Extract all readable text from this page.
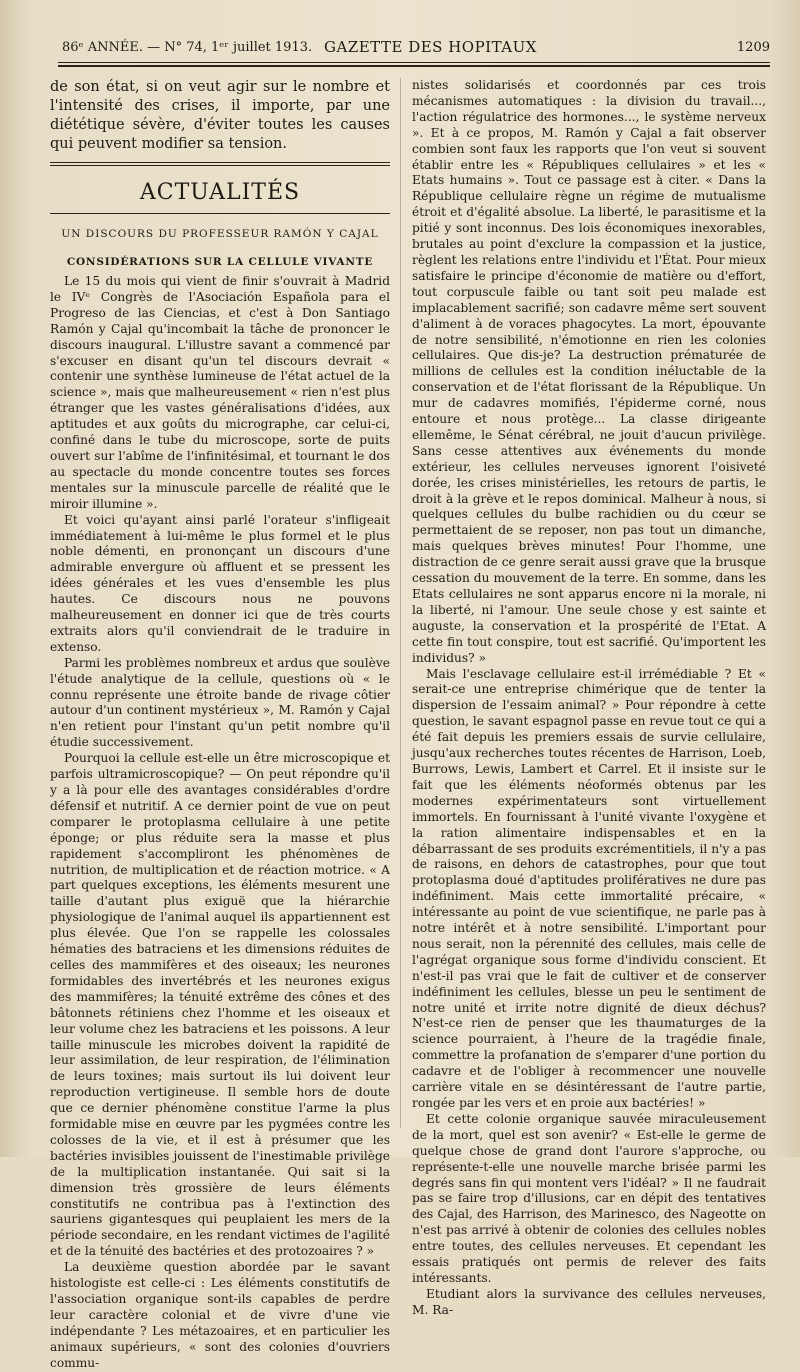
86ᵉ ANNÉE. — N° 74, 1ᵉʳ juillet 1913. GAZETTE DES HOPITAUX	1209

de son état, si on veut agir sur le nombre et l'intensité des crises, il importe, par une diététique sévère, d'éviter toutes les causes qui peuvent modifier sa tension.

ACTUALITÉS
UN DISCOURS DU PROFESSEUR RAMÓN Y CAJAL
CONSIDÉRATIONS SUR LA CELLULE VIVANTE

Le 15 du mois qui vient de finir s'ouvrait à Madrid le IVᵉ Congrès de l'Asociación Española para el Progreso de las Ciencias, et c'est à Don Santiago Ramón y Cajal qu'incombait la tâche de prononcer le discours inaugural. L'illustre savant a commencé par s'excuser en disant qu'un tel discours devrait « contenir une synthèse lumineuse de l'état actuel de la science », mais que malheureusement « rien n'est plus étranger que les vastes généralisations d'idées, aux aptitudes et aux goûts du micrographe, car celui-ci, confiné dans le tube du microscope, sorte de puits ouvert sur l'abîme de l'infinitésimal, et tournant le dos au spectacle du monde concentre toutes ses forces mentales sur la minuscule parcelle de réalité que le miroir illumine ».

Et voici qu'ayant ainsi parlé l'orateur s'infligeait immédiatement à lui-même le plus formel et le plus noble démenti, en prononçant un discours d'une admirable envergure où affluent et se pressent les idées générales et les vues d'ensemble les plus hautes. Ce discours nous ne pouvons malheureusement en donner ici que de très courts extraits alors qu'il conviendrait de le traduire in extenso.

Parmi les problèmes nombreux et ardus que soulève l'étude analytique de la cellule, questions où « le connu représente une étroite bande de rivage côtier autour d'un continent mystérieux », M. Ramón y Cajal n'en retient pour l'instant qu'un petit nombre qu'il étudie successivement.

Pourquoi la cellule est-elle un être microscopique et parfois ultramicroscopique? — On peut répondre qu'il y a là pour elle des avantages considérables d'ordre défensif et nutritif. A ce dernier point de vue on peut comparer le protoplasma cellulaire à une petite éponge; or plus réduite sera la masse et plus rapidement s'accompliront les phénomènes de nutrition, de multiplication et de réaction motrice. « A part quelques exceptions, les éléments mesurent une taille d'autant plus exiguë que la hiérarchie physiologique de l'animal auquel ils appartiennent est plus élevée. Que l'on se rappelle les colossales hématies des batraciens et les dimensions réduites de celles des mammifères et des oiseaux; les neurones formidables des invertébrés et les neurones exigus des mammifères; la ténuité extrême des cônes et des bâtonnets rétiniens chez l'homme et les oiseaux et leur volume chez les batraciens et les poissons. A leur taille minuscule les microbes doivent la rapidité de leur assimilation, de leur respiration, de l'élimination de leurs toxines; mais surtout ils lui doivent leur reproduction vertigineuse. Il semble hors de doute que ce dernier phénomène constitue l'arme la plus formidable mise en œuvre par les pygmées contre les colosses de la vie, et il est à présumer que les bactéries invisibles jouissent de l'inestimable privilège de la multiplication instantanée. Qui sait si la dimension très grossière de leurs éléments constitutifs ne contribua pas à l'extinction des sauriens gigantesques qui peuplaient les mers de la période secondaire, en les rendant victimes de l'agilité et de la ténuité des bactéries et des protozoaires ? »

La deuxième question abordée par le savant histologiste est celle-ci : Les éléments constitutifs de l'association organique sont-ils capables de perdre leur caractère colonial et de vivre d'une vie indépendante ? Les métazoaires, et en particulier les animaux supérieurs, « sont des colonies d'ouvriers commu-

nistes solidarisés et coordonnés par ces trois mécanismes automatiques : la division du travail..., l'action régulatrice des hormones..., le système nerveux ». Et à ce propos, M. Ramón y Cajal a fait observer combien sont faux les rapports que l'on veut si souvent établir entre les « Républiques cellulaires » et les « Etats humains ». Tout ce passage est à citer. « Dans la République cellulaire règne un régime de mutualisme étroit et d'égalité absolue. La liberté, le parasitisme et la pitié y sont inconnus. Des lois économiques inexorables, brutales au point d'exclure la compassion et la justice, règlent les relations entre l'individu et l'État. Pour mieux satisfaire le principe d'économie de matière ou d'effort, tout corpuscule faible ou tant soit peu malade est implacablement sacrifié; son cadavre même sert souvent d'aliment à de voraces phagocytes. La mort, épouvante de notre sensibilité, n'émotionne en rien les colonies cellulaires. Que dis-je? La destruction prématurée de millions de cellules est la condition inéluctable de la conservation et de l'état florissant de la République. Un mur de cadavres momifiés, l'épiderme corné, nous entoure et nous protège... La classe dirigeante ellemême, le Sénat cérébral, ne jouit d'aucun privilège. Sans cesse attentives aux événements du monde extérieur, les cellules nerveuses ignorent l'oisiveté dorée, les crises ministérielles, les retours de partis, le droit à la grève et le repos dominical. Malheur à nous, si quelques cellules du bulbe rachidien ou du cœur se permettaient de se reposer, non pas tout un dimanche, mais quelques brèves minutes! Pour l'homme, une distraction de ce genre serait aussi grave que la brusque cessation du mouvement de la terre. En somme, dans les Etats cellulaires ne sont apparus encore ni la morale, ni la liberté, ni l'amour. Une seule chose y est sainte et auguste, la conservation et la prospérité de l'Etat. A cette fin tout conspire, tout est sacrifié. Qu'importent les individus? »

Mais l'esclavage cellulaire est-il irrémédiable ? Et « serait-ce une entreprise chimérique que de tenter la dispersion de l'essaim animal? » Pour répondre à cette question, le savant espagnol passe en revue tout ce qui a été fait depuis les premiers essais de survie cellulaire, jusqu'aux recherches toutes récentes de Harrison, Loeb, Burrows, Lewis, Lambert et Carrel. Et il insiste sur le fait que les éléments néoformés obtenus par les modernes expérimentateurs sont virtuellement immortels. En fournissant à l'unité vivante l'oxygène et la ration alimentaire indispensables et en la débarrassant de ses produits excrémentitiels, il n'y a pas de raisons, en dehors de catastrophes, pour que tout protoplasma doué d'aptitudes prolifératives ne dure pas indéfiniment. Mais cette immortalité précaire, « intéressante au point de vue scientifique, ne parle pas à notre intérêt et à notre sensibilité. L'important pour nous serait, non la pérennité des cellules, mais celle de l'agrégat organique sous forme d'individu conscient. Et n'est-il pas vrai que le fait de cultiver et de conserver indéfiniment les cellules, blesse un peu le sentiment de notre unité et irrite notre dignité de dieux déchus? N'est-ce rien de penser que les thaumaturges de la science pourraient, à l'heure de la tragédie finale, commettre la profanation de s'emparer d'une portion du cadavre et de l'obliger à recommencer une nouvelle carrière vitale en se désintéressant de l'autre partie, rongée par les vers et en proie aux bactéries! »

Et cette colonie organique sauvée miraculeusement de la mort, quel est son avenir? « Est-elle le germe de quelque chose de grand dont l'aurore s'approche, ou représente-t-elle une nouvelle marche brisée parmi les degrés sans fin qui montent vers l'idéal? » Il ne faudrait pas se faire trop d'illusions, car en dépit des tentatives des Cajal, des Harrison, des Marinesco, des Nageotte on n'est pas arrivé à obtenir de colonies des cellules nobles entre toutes, des cellules nerveuses. Et cependant les essais pratiqués ont permis de relever des faits intéressants.

Etudiant alors la survivance des cellules nerveuses, M. Ra-
